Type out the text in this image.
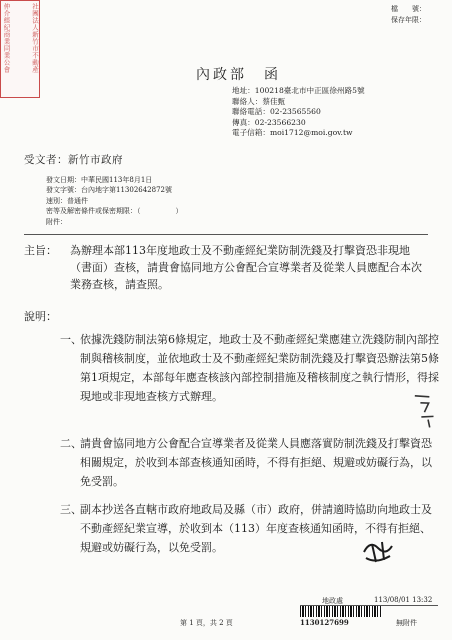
社團法人新竹市不動產
仲介經紀商業同業公會	檔　　號：
保存年限：
內政部　函
地址：100218臺北市中正區徐州路5號
聯絡人：蔡佳甄
聯絡電話：02-23565560
傳真：02-23566230
電子信箱：moi1712@moi.gov.tw
受文者：新竹市政府
發文日期：中華民國113年8月1日
發文字號：台內地字第11302642872號
速別：普通件
密等及解密條件或保密期限：（　　　　　）
附件：
主旨： 為辦理本部113年度地政士及不動產經紀業防制洗錢及打擊資恐非現地（書面）查核，請貴會協同地方公會配合宣導業者及從業人員應配合本次業務查核，請查照。
說明：
一、
依據洗錢防制法第6條規定，地政士及不動產經紀業應建立洗錢防制內部控制與稽核制度，並依地政士及不動產經紀業防制洗錢及打擊資恐辦法第5條第1項規定，本部每年應查核該內部控制措施及稽核制度之執行情形，得採現地或非現地查核方式辦理。
二、
請貴會協同地方公會配合宣導業者及從業人員應落實防制洗錢及打擊資恐相關規定，於收到本部查核通知函時，不得有拒絕、規避或妨礙行為，以免受罰。
三、
副本抄送各直轄市政府地政局及縣（市）政府，併請適時協助向地政士及不動產經紀業宣導，於收到本（113）年度查核通知函時，不得有拒絕、規避或妨礙行為，以免受罰。
第 1 頁，共 2 頁
地政處	113/08/01 13:32
1130127699	無附件
